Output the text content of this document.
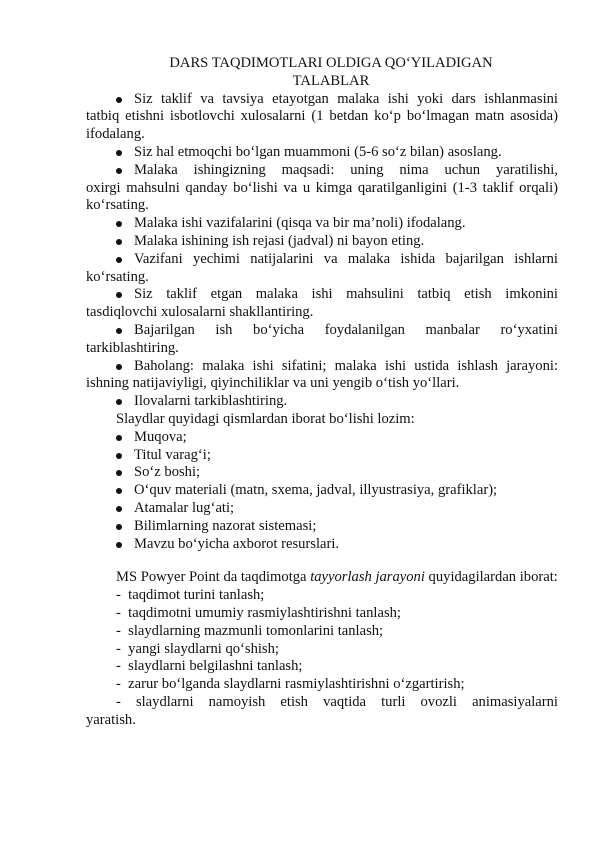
DARS TAQDIMOTLARI OLDIGA QO‘YILADIGAN

TALABLAR

Siz taklif va tavsiya etayotgan malaka ishi yoki dars ishlanmasini
tatbiq etishni isbotlovchi xulosalarni (1 betdan ko‘p bo‘lmagan matn asosida) ifodalang.
Siz hal etmoqchi bo‘lgan muammoni (5-6 so‘z bilan) asoslang.
Malaka ishingizning maqsadi: uning nima uchun yaratilishi,
oxirgi mahsulni qanday bo‘lishi va u kimga qaratilganligini (1-3 taklif orqali) ko‘rsating.
Malaka ishi vazifalarini (qisqa va bir ma’noli) ifodalang.
Malaka ishining ish rejasi (jadval) ni bayon eting.
Vazifani yechimi natijalarini va malaka ishida bajarilgan ishlarni
ko‘rsating.
Siz taklif etgan malaka ishi mahsulini tatbiq etish imkonini
tasdiqlovchi xulosalarni shakllantiring.
Bajarilgan ish bo‘yicha foydalanilgan manbalar ro‘yxatini
tarkiblashtiring.
Baholang: malaka ishi sifatini; malaka ishi ustida ishlash jarayoni:
ishning natijaviyligi, qiyinchiliklar va uni yengib o‘tish yo‘llari.
Ilovalarni tarkiblashtiring.

Slaydlar quyidagi qismlardan iborat bo‘lishi lozim:

Muqova;
Titul varag‘i;
So‘z boshi;
O‘quv materiali (matn, sxema, jadval, illyustrasiya, grafiklar);
Atamalar lug‘ati;
Bilimlarning nazorat sistemasi;
Mavzu bo‘yicha axborot resurslari.

MS Powyer Point da taqdimotga tayyorlash jarayoni quyidagilardan iborat:

-  taqdimot turini tanlash;
-  taqdimotni umumiy rasmiylashtirishni tanlash;
-  slaydlarning mazmunli tomonlarini tanlash;
-  yangi slaydlarni qo‘shish;
-  slaydlarni belgilashni tanlash;
-  zarur bo‘lganda slaydlarni rasmiylashtirishni o‘zgartirish;

- slaydlarni namoyish etish vaqtida turli ovozli animasiyalarni

yaratish.
